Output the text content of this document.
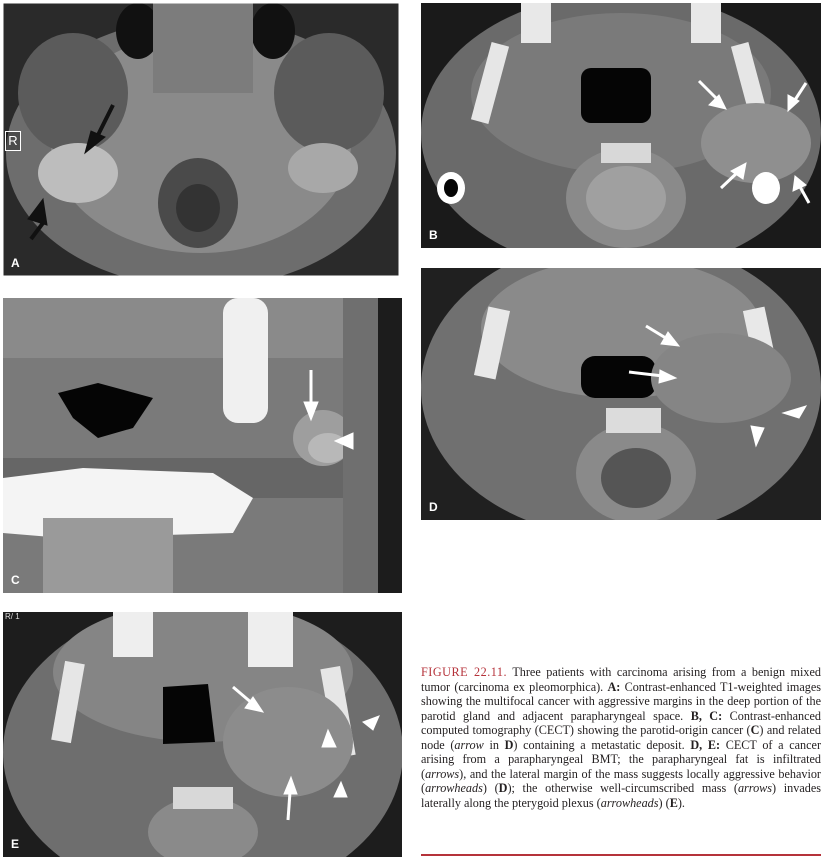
R
A
B
C
D
R/ 1
E
FIGURE 22.11. Three patients with carcinoma arising from a benign mixed tumor (carcinoma ex pleomorphica). A: Contrast-enhanced T1-weighted images showing the multifocal cancer with aggressive margins in the deep portion of the parotid gland and adjacent parapharyngeal space. B, C: Contrast-enhanced computed tomography (CECT) showing the parotid-origin cancer (C) and related node (arrow in D) containing a metastatic deposit. D, E: CECT of a cancer arising from a parapharyngeal BMT; the parapharyngeal fat is infiltrated (arrows), and the lateral margin of the mass suggests locally aggressive behavior (arrowheads) (D); the otherwise well-circumscribed mass (arrows) invades laterally along the pterygoid plexus (arrowheads) (E).
